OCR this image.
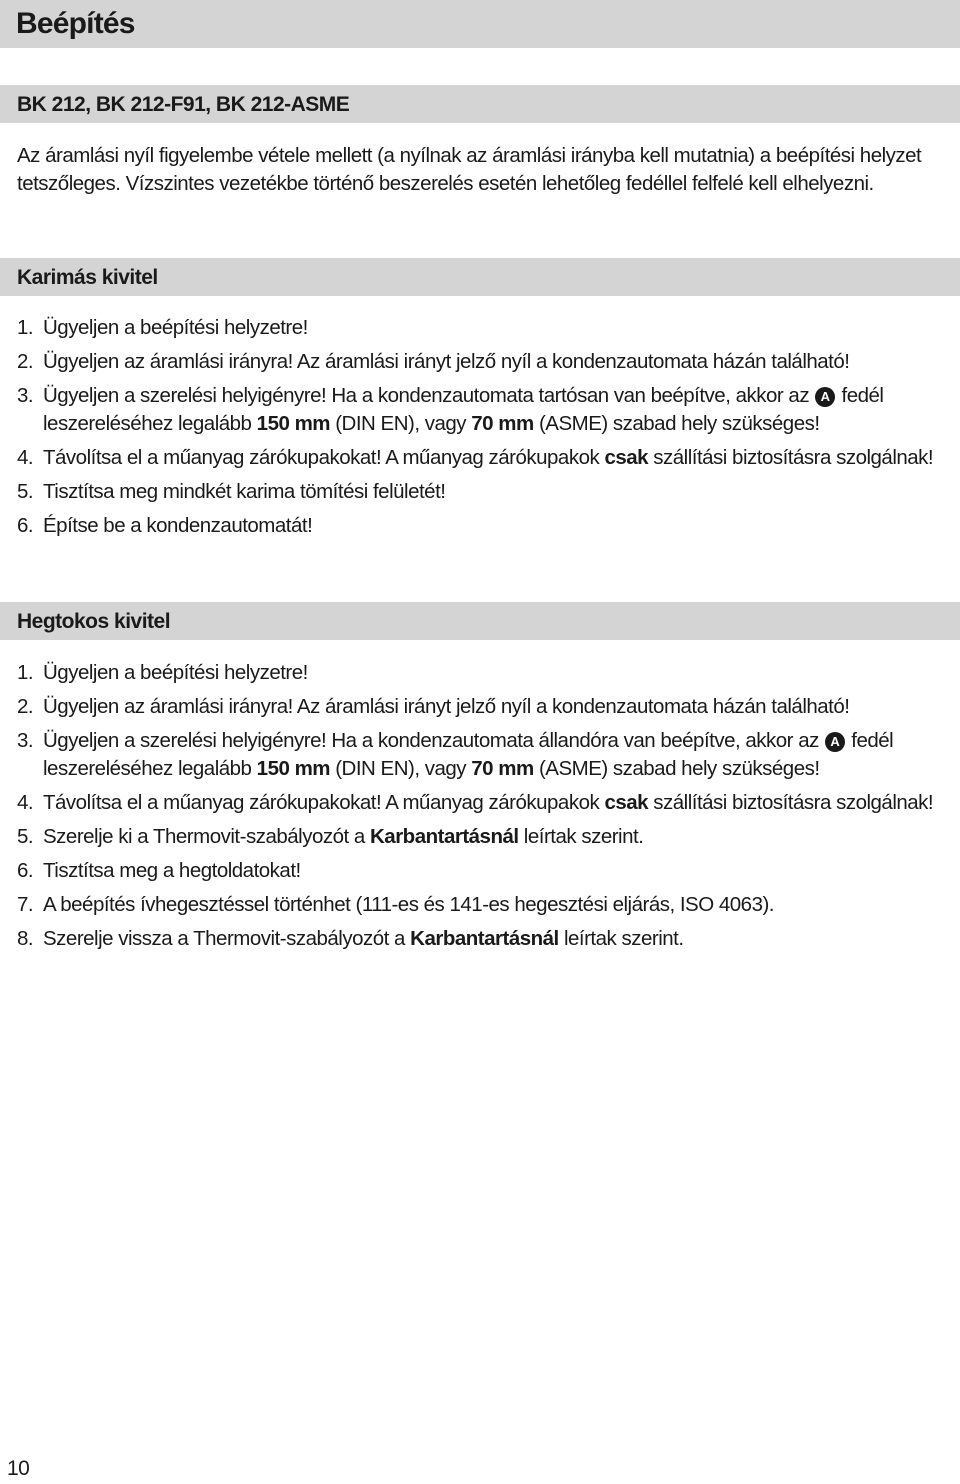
Beépítés
BK 212, BK 212-F91, BK 212-ASME

Az áramlási nyíl figyelembe vétele mellett (a nyílnak az áramlási irányba kell mutatnia) a beépítési helyzet tetszőleges. Vízszintes vezetékbe történő beszerelés esetén lehetőleg fedéllel felfelé kell elhelyezni.

Karimás kivitel
1. Ügyeljen a beépítési helyzetre!
2. Ügyeljen az áramlási irányra! Az áramlási irányt jelző nyíl a kondenzautomata házán található!
3. Ügyeljen a szerelési helyigényre! Ha a kondenzautomata tartósan van beépítve, akkor az A fedél leszereléséhez legalább 150 mm (DIN EN), vagy 70 mm (ASME) szabad hely szükséges!
4. Távolítsa el a műanyag zárókupakokat! A műanyag zárókupakok csak szállítási biztosításra szolgálnak!
5. Tisztítsa meg mindkét karima tömítési felületét!
6. Építse be a kondenzautomatát!
Hegtokos kivitel
1. Ügyeljen a beépítési helyzetre!
2. Ügyeljen az áramlási irányra! Az áramlási irányt jelző nyíl a kondenzautomata házán található!
3. Ügyeljen a szerelési helyigényre! Ha a kondenzautomata állandóra van beépítve, akkor az A fedél leszereléséhez legalább 150 mm (DIN EN), vagy 70 mm (ASME) szabad hely szükséges!
4. Távolítsa el a műanyag zárókupakokat! A műanyag zárókupakok csak szállítási biztosításra szolgálnak!
5. Szerelje ki a Thermovit-szabályozót a Karbantartásnál leírtak szerint.
6. Tisztítsa meg a hegtoldatokat!
7. A beépítés ívhegesztéssel történhet (111-es és 141-es hegesztési eljárás, ISO 4063).
8. Szerelje vissza a Thermovit-szabályozót a Karbantartásnál leírtak szerint.
10
